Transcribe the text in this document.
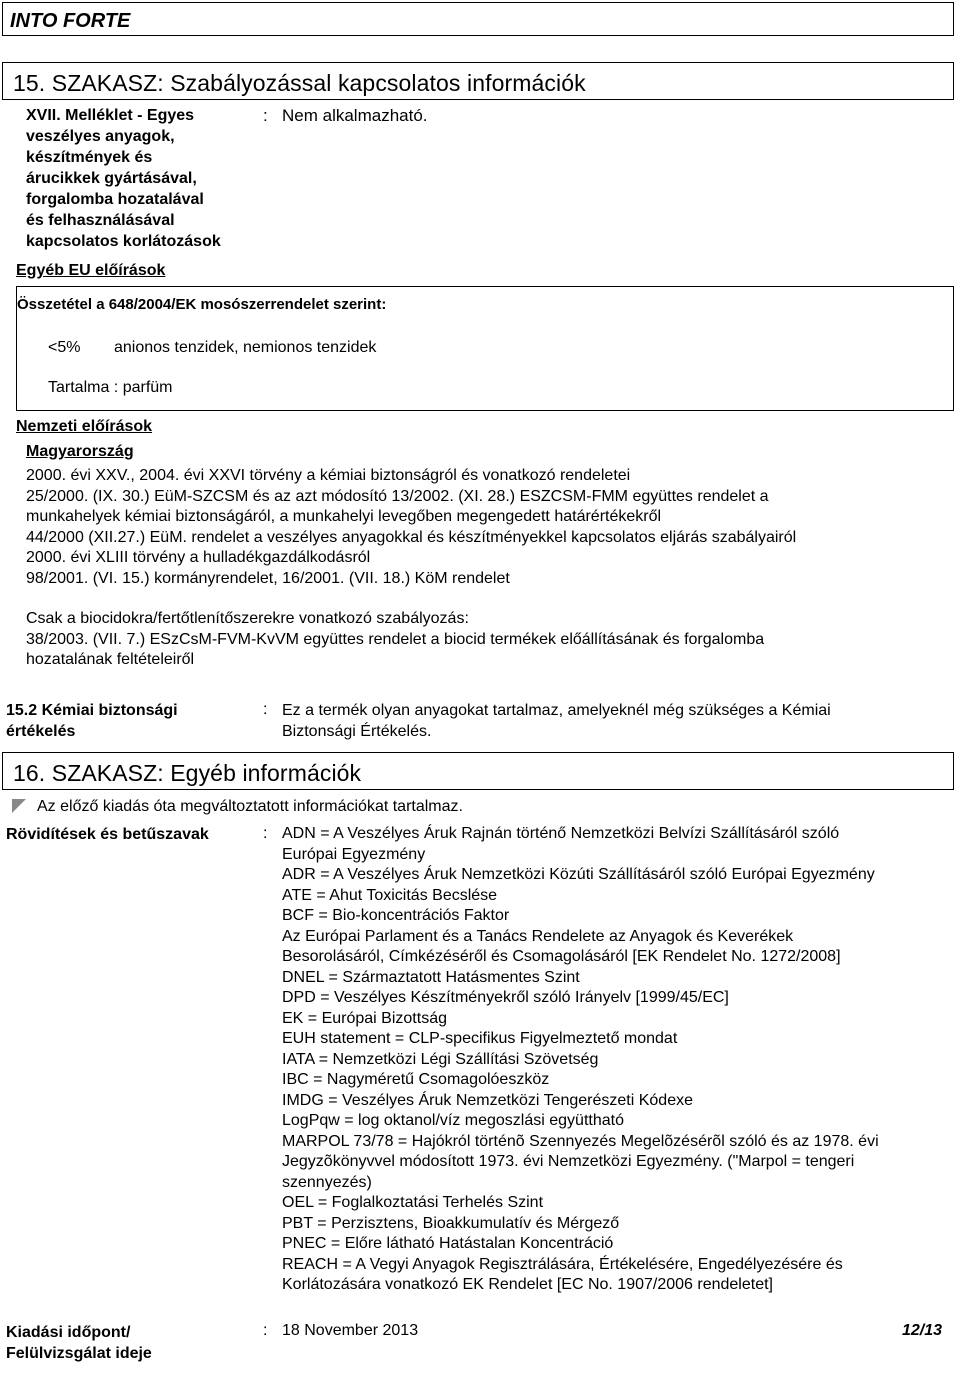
INTO FORTE
15. SZAKASZ: Szabályozással kapcsolatos információk
XVII. Melléklet - Egyes
veszélyes anyagok,
készítmények és
árucikkek gyártásával,
forgalomba hozatalával
és felhasználásával
kapcsolatos korlátozások
: Nem alkalmazható.
Egyéb EU előírások
Összetétel a 648/2004/EK mosószerrendelet szerint:
<5% anionos tenzidek, nemionos tenzidek
Tartalma : parfüm
Nemzeti előírások
Magyarország
2000. évi XXV., 2004. évi XXVI törvény a kémiai biztonságról és vonatkozó rendeletei
25/2000. (IX. 30.) EüM-SZCSM és az azt módosító 13/2002. (XI. 28.) ESZCSM-FMM együttes rendelet a
munkahelyek kémiai biztonságáról, a munkahelyi levegőben megengedett határértékekről
44/2000 (XII.27.) EüM. rendelet a veszélyes anyagokkal és készítményekkel kapcsolatos eljárás szabályairól
2000. évi XLIII törvény a hulladékgazdálkodásról
98/2001. (VI. 15.) kormányrendelet, 16/2001. (VII. 18.) KöM rendelet
Csak a biocidokra/fertőtlenítőszerekre vonatkozó szabályozás:
38/2003. (VII. 7.) ESzCsM-FVM-KvVM együttes rendelet a biocid termékek előállításának és forgalomba
hozatalának feltételeiről
15.2 Kémiai biztonsági
értékelés
: Ez a termék olyan anyagokat tartalmaz, amelyeknél még szükséges a Kémiai
Biztonsági Értékelés.
16. SZAKASZ: Egyéb információk
Az előző kiadás óta megváltoztatott információkat tartalmaz.
Rövidítések és betűszavak	: ADN = A Veszélyes Áruk Rajnán történő Nemzetközi Belvízi Szállításáról szóló
Európai Egyezmény
ADR = A Veszélyes Áruk Nemzetközi Közúti Szállításáról szóló Európai Egyezmény
ATE = Ahut Toxicitás Becslése
BCF = Bio-koncentrációs Faktor
Az Európai Parlament és a Tanács Rendelete az Anyagok és Keverékek
Besorolásáról, Címkézéséről és Csomagolásáról [EK Rendelet No. 1272/2008]
DNEL = Származtatott Hatásmentes Szint
DPD = Veszélyes Készítményekről szóló Irányelv [1999/45/EC]
EK = Európai Bizottság
EUH statement = CLP-specifikus Figyelmeztető mondat
IATA = Nemzetközi Légi Szállítási Szövetség
IBC = Nagyméretű Csomagolóeszköz
IMDG = Veszélyes Áruk Nemzetközi Tengerészeti Kódexe
LogPqw = log oktanol/víz megoszlási együttható
MARPOL 73/78 = Hajókról történõ Szennyezés Megelõzésérõl szóló és az 1978. évi
Jegyzõkönyvvel módosított 1973. évi Nemzetközi Egyezmény. ("Marpol = tengeri
szennyezés)
OEL = Foglalkoztatási Terhelés Szint
PBT = Perzisztens, Bioakkumulatív és Mérgező
PNEC = Előre látható Hatástalan Koncentráció
REACH = A Vegyi Anyagok Regisztrálására, Értékelésére, Engedélyezésére és
Korlátozására vonatkozó EK Rendelet [EC No. 1907/2006 rendeletet]
Kiadási időpont/
Felülvizsgálat ideje
: 18 November 2013	12/13
